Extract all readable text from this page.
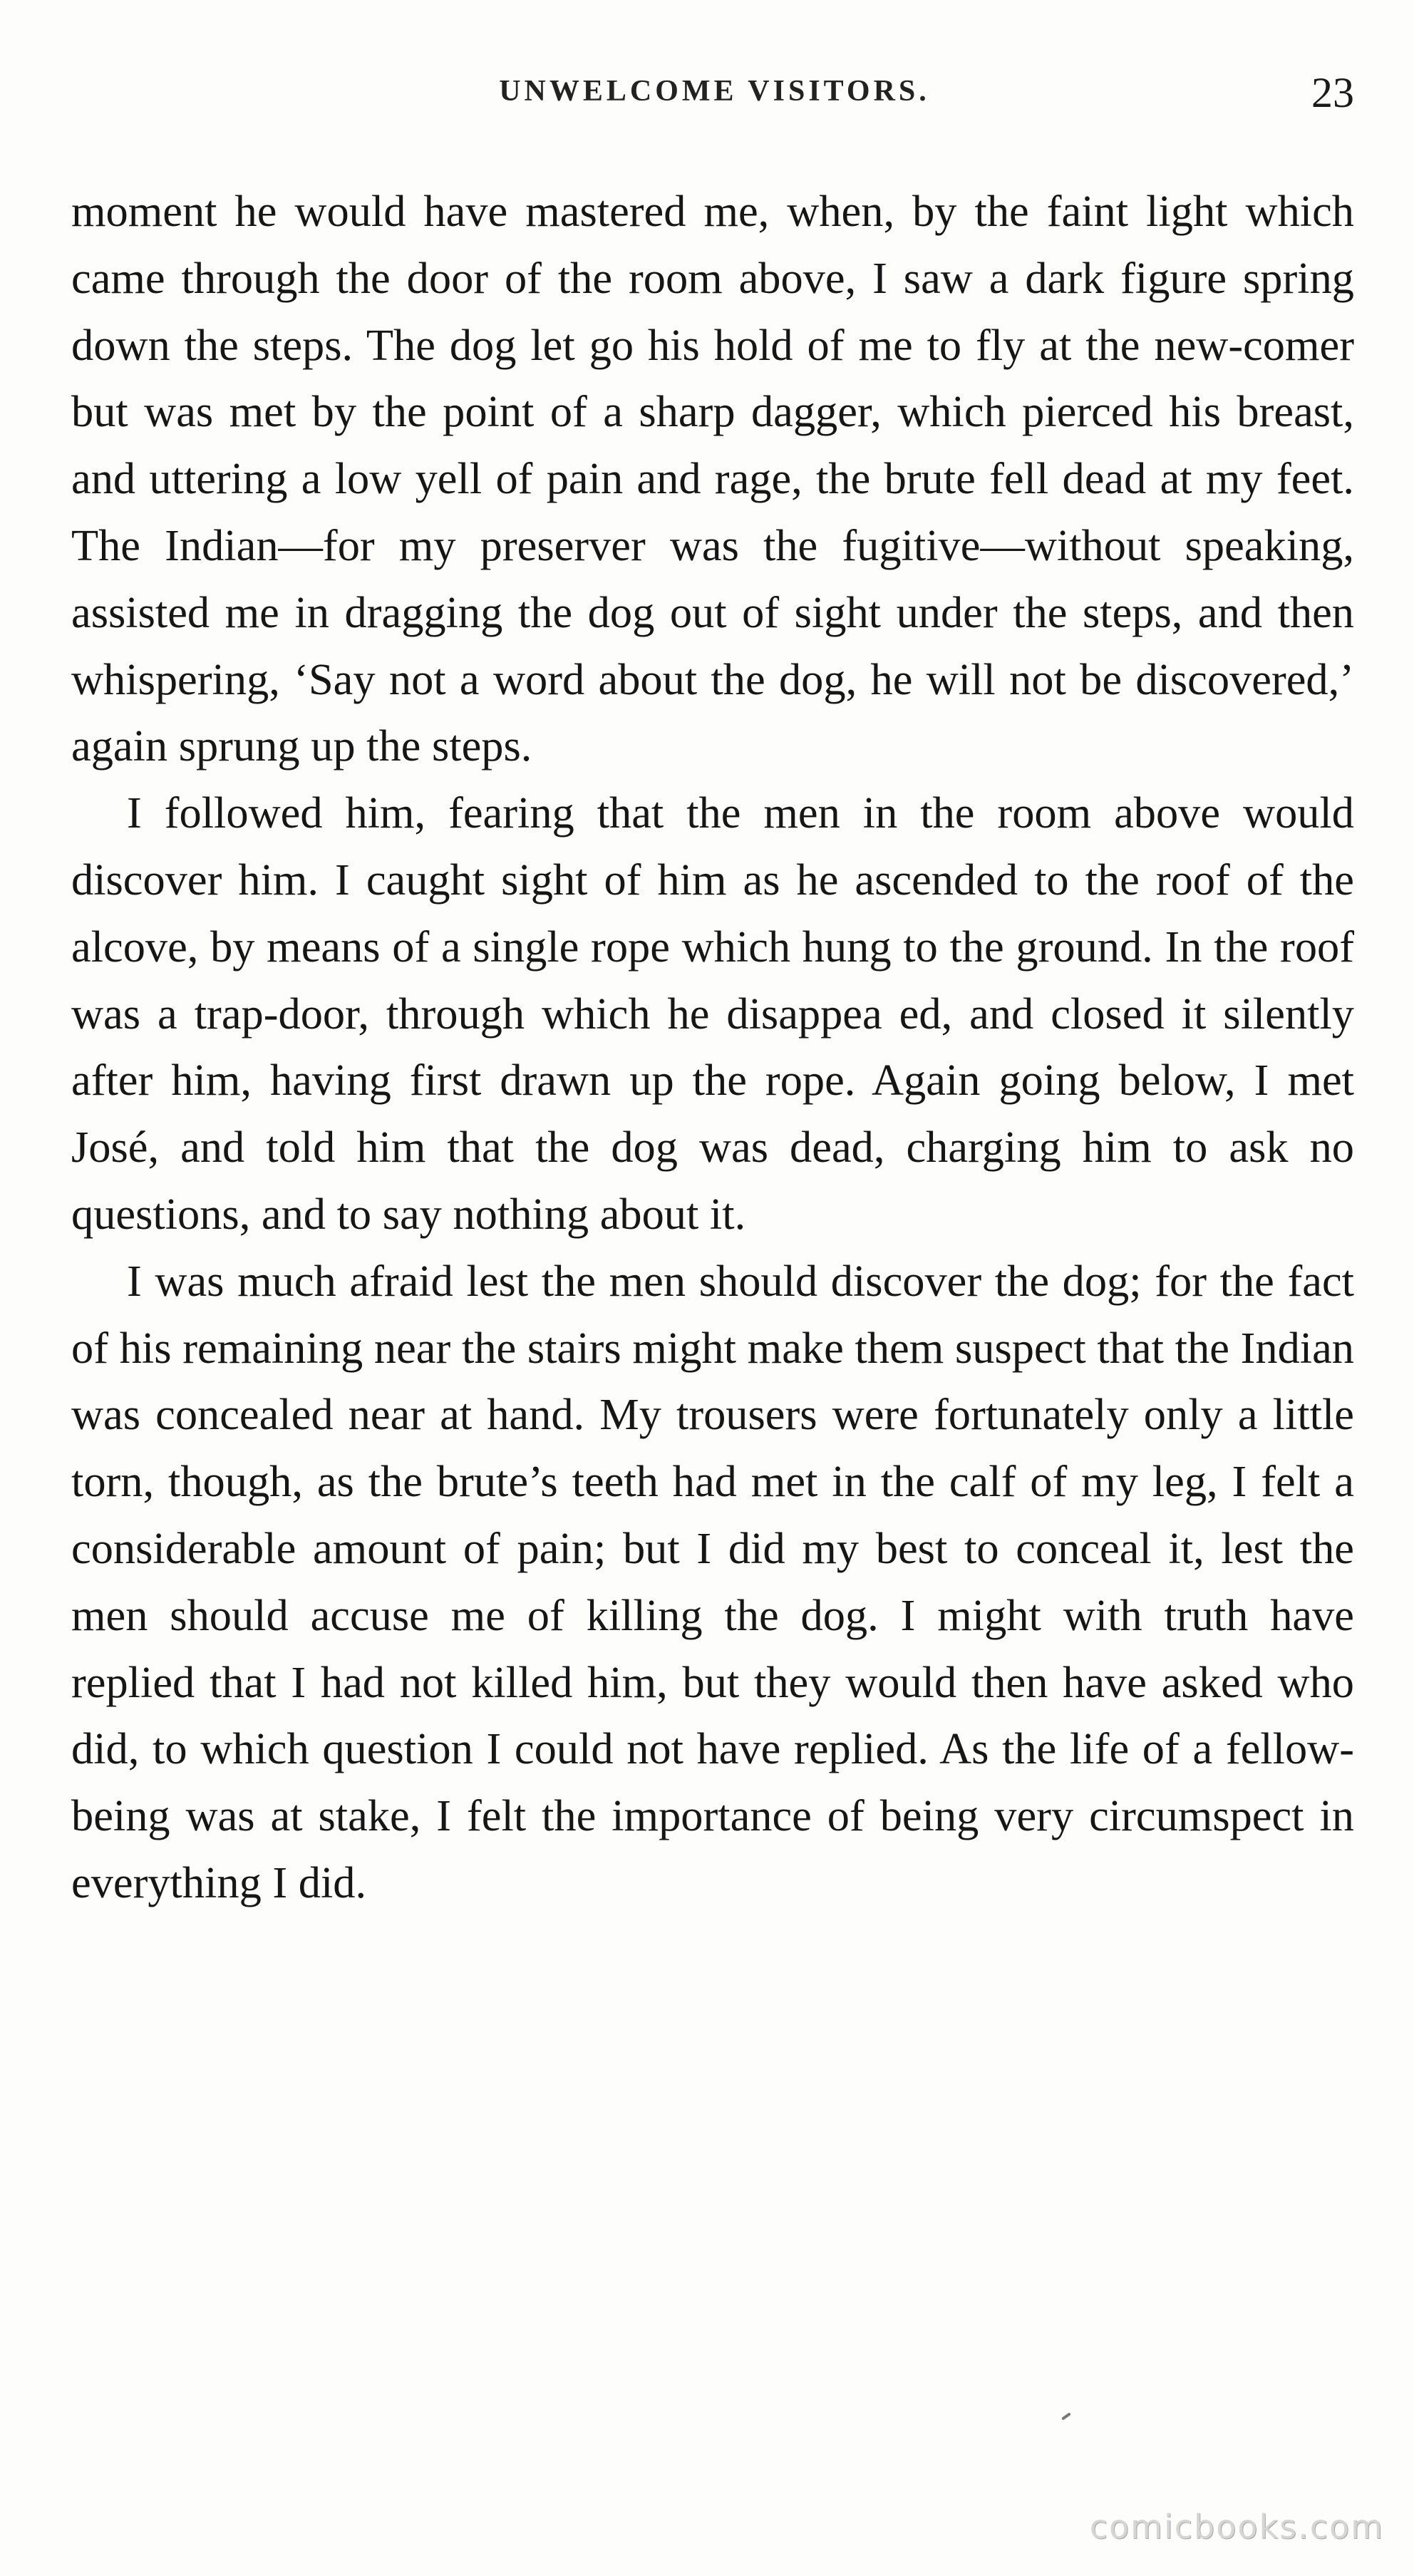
UNWELCOME VISITORS.	23

moment he would have mastered me, when, by the faint light which came through the door of the room above, I saw a dark figure spring down the steps. The dog let go his hold of me to fly at the new-comer but was met by the point of a sharp dagger, which pierced his breast, and uttering a low yell of pain and rage, the brute fell dead at my feet. The Indian—for my preserver was the fugitive—without speaking, assisted me in dragging the dog out of sight under the steps, and then whispering, ‘Say not a word about the dog, he will not be discovered,’ again sprung up the steps.

I followed him, fearing that the men in the room above would discover him. I caught sight of him as he ascended to the roof of the alcove, by means of a single rope which hung to the ground. In the roof was a trap-door, through which he disappea ed, and closed it silently after him, having first drawn up the rope. Again going below, I met José, and told him that the dog was dead, charging him to ask no questions, and to say nothing about it.

I was much afraid lest the men should discover the dog; for the fact of his remaining near the stairs might make them suspect that the Indian was concealed near at hand. My trousers were fortunately only a little torn, though, as the brute’s teeth had met in the calf of my leg, I felt a considerable amount of pain; but I did my best to conceal it, lest the men should accuse me of killing the dog. I might with truth have replied that I had not killed him, but they would then have asked who did, to which question I could not have replied. As the life of a fellow-being was at stake, I felt the importance of being very circumspect in everything I did.

comicbooks.com
